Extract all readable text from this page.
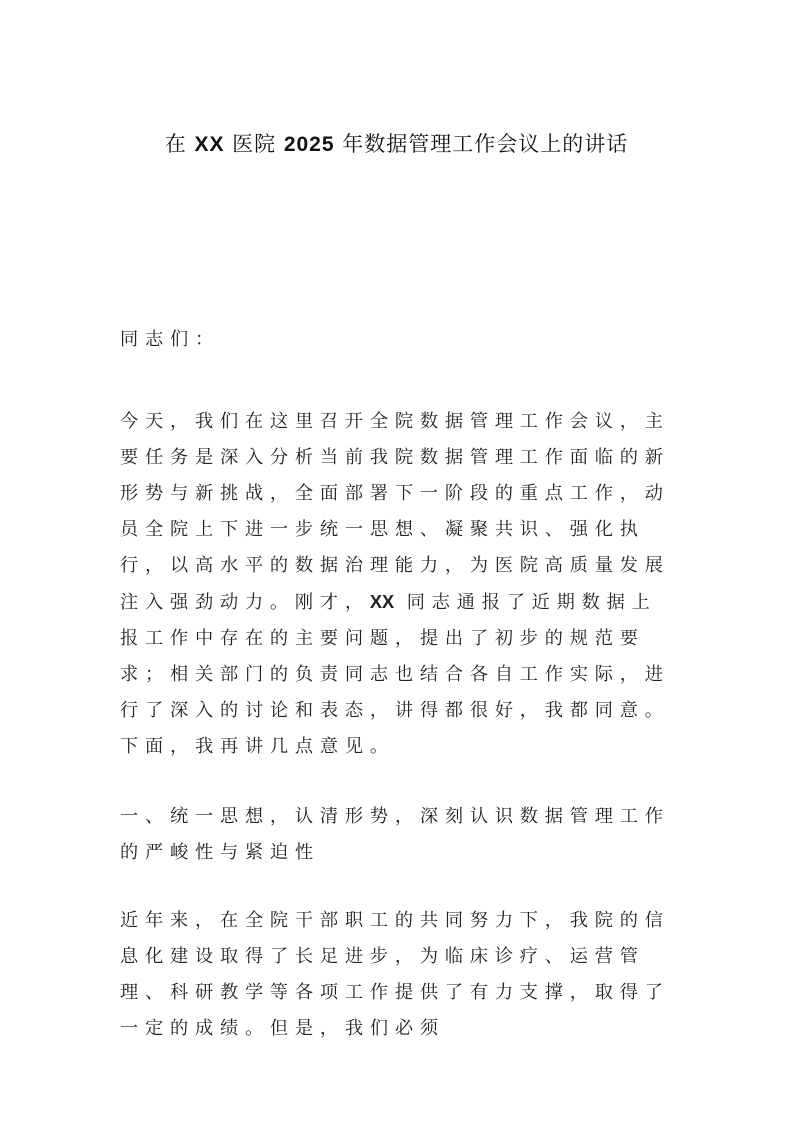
在 XX 医院 2025 年数据管理工作会议上的讲话

同志们：

今天，我们在这里召开全院数据管理工作会议，主要任务是深入分析当前我院数据管理工作面临的新形势与新挑战，全面部署下一阶段的重点工作，动员全院上下进一步统一思想、凝聚共识、强化执行，以高水平的数据治理能力，为医院高质量发展注入强劲动力。刚才，XX 同志通报了近期数据上报工作中存在的主要问题，提出了初步的规范要求；相关部门的负责同志也结合各自工作实际，进行了深入的讨论和表态，讲得都很好，我都同意。下面，我再讲几点意见。

一、统一思想，认清形势，深刻认识数据管理工作的严峻性与紧迫性

近年来，在全院干部职工的共同努力下，我院的信息化建设取得了长足进步，为临床诊疗、运营管理、科研教学等各项工作提供了有力支撑，取得了一定的成绩。但是，我们必须
